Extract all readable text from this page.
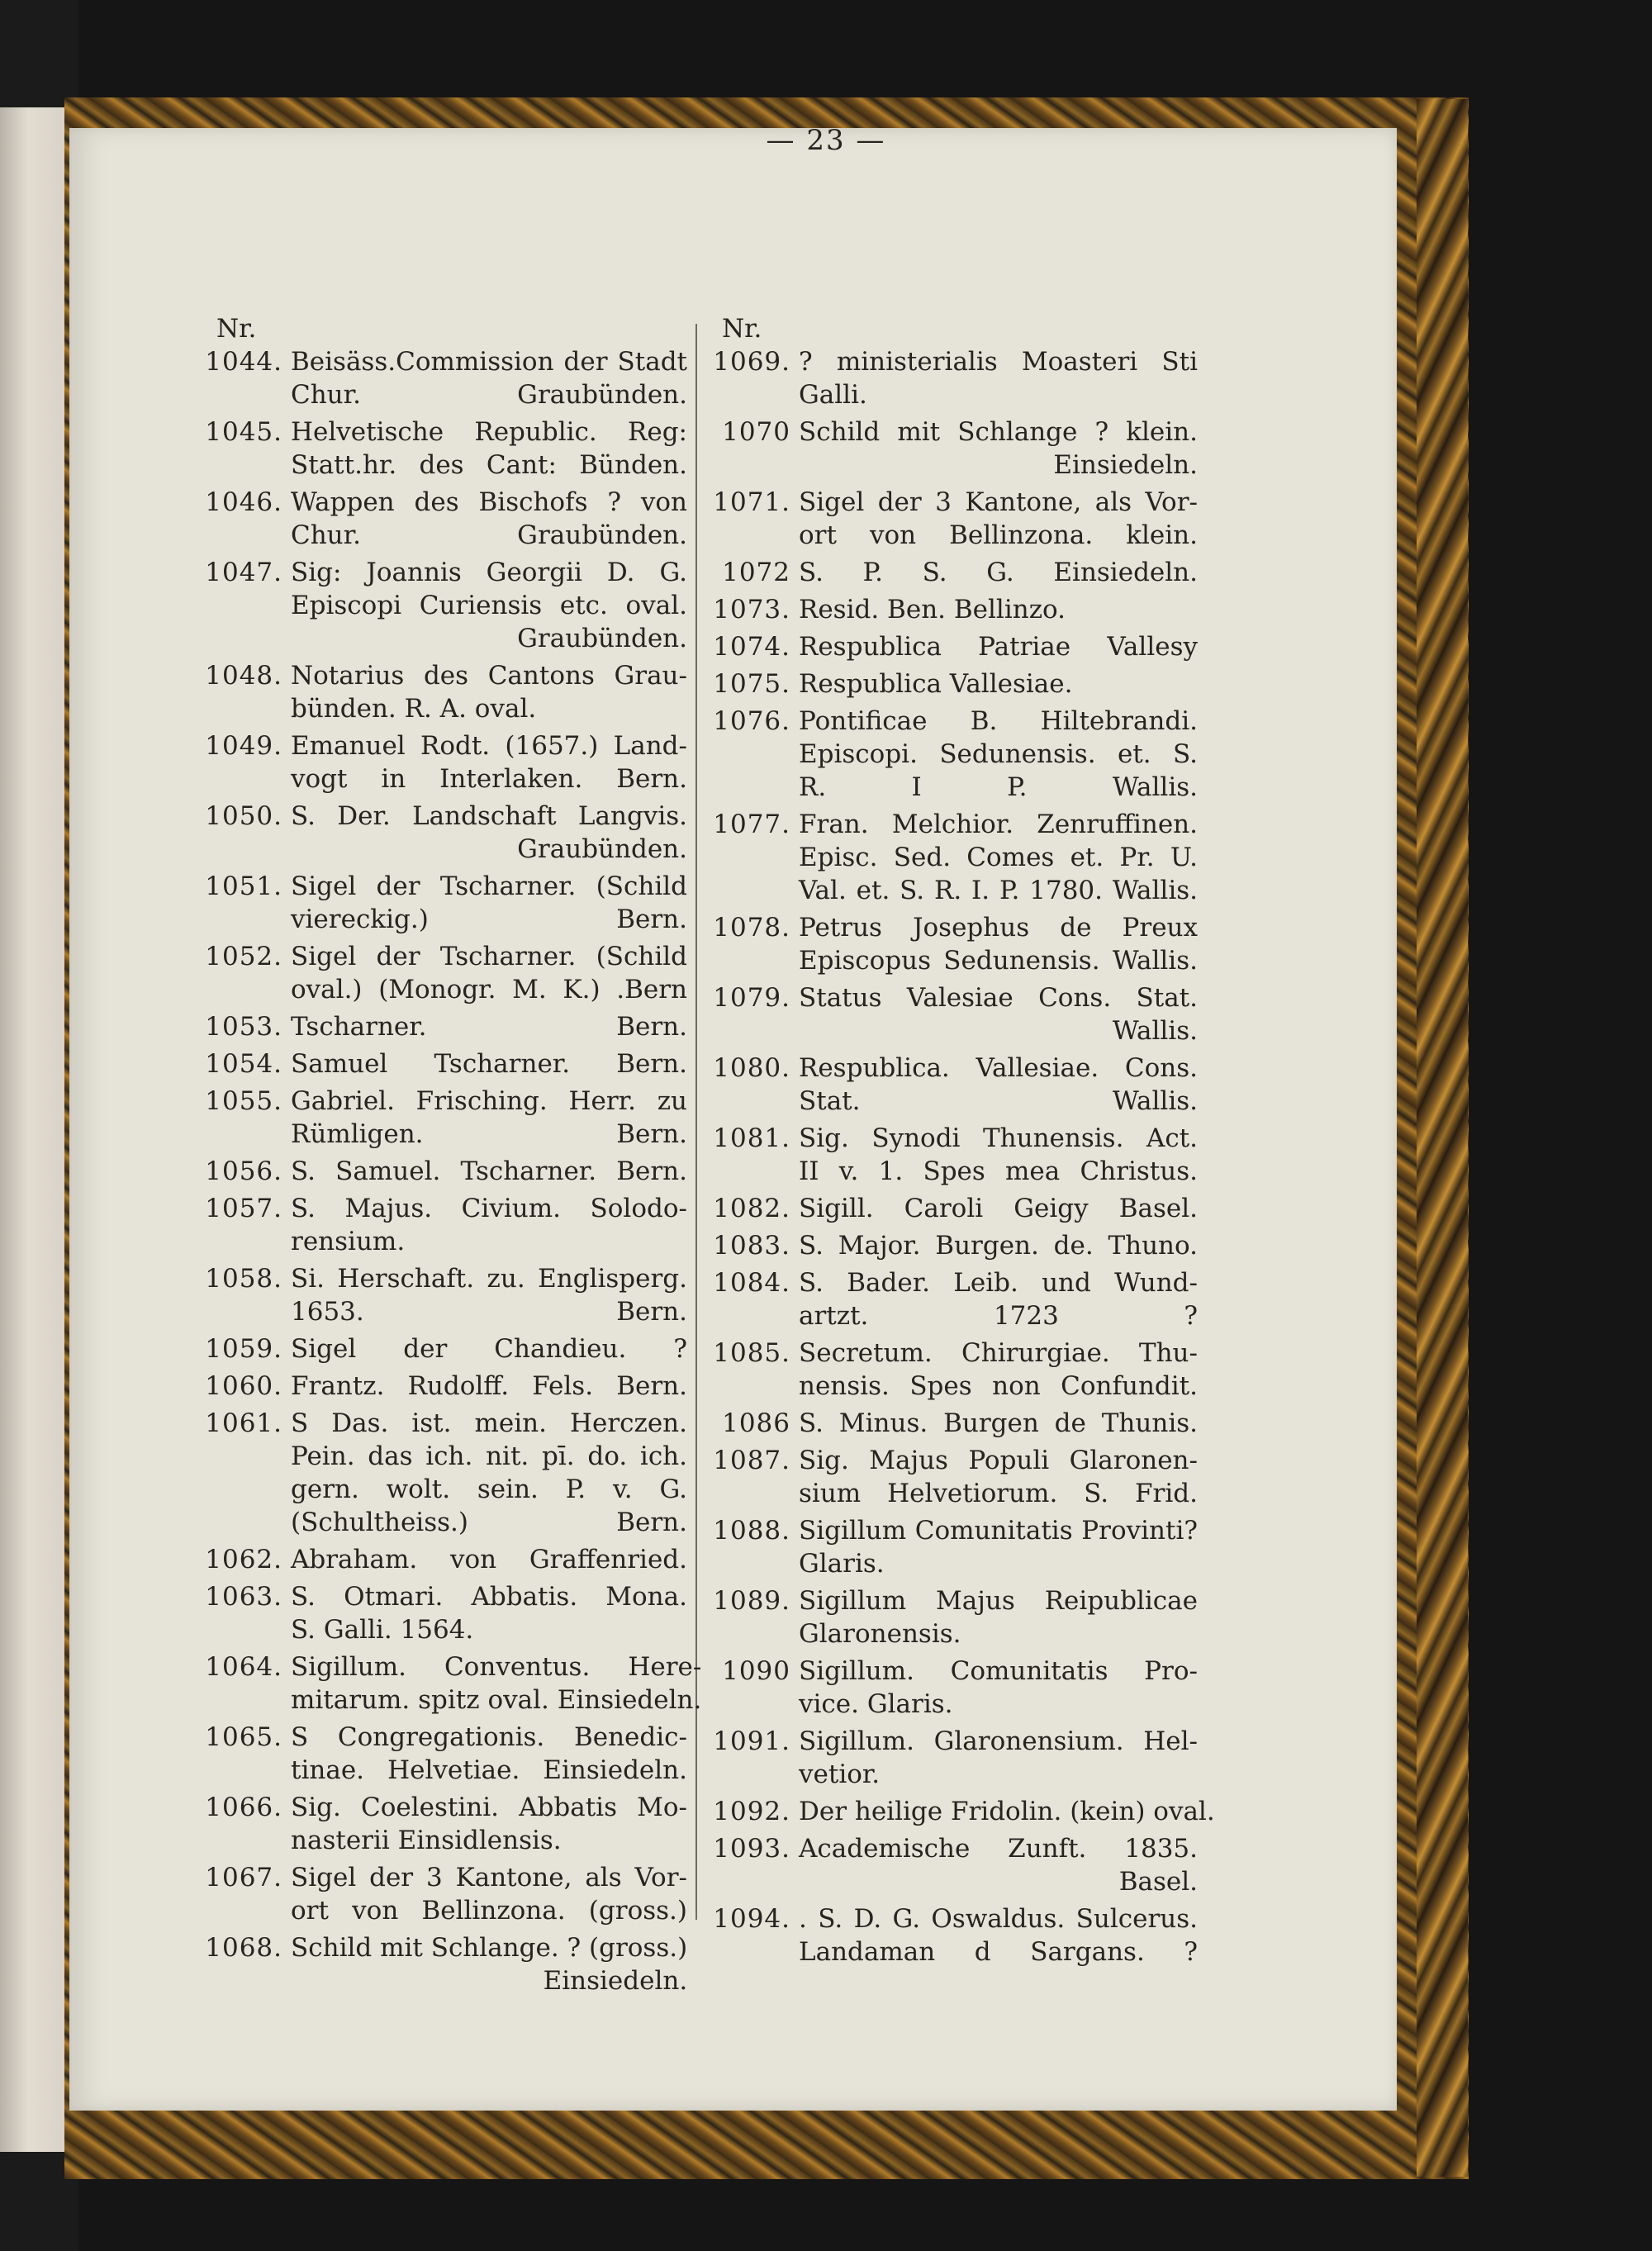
— 23 —
Nr.
1044. Beisäss.Commission der Stadt
Chur. Graubünden.
1045. Helvetische Republic. Reg:
Statt.hr. des Cant: Bünden.
1046. Wappen des Bischofs ? von
Chur. Graubünden.
1047. Sig: Joannis Georgii D. G.
Episcopi Curiensis etc. oval.
Graubünden.
1048. Notarius des Cantons Grau-
bünden. R. A. oval.
1049. Emanuel Rodt. (1657.) Land-
vogt in Interlaken. Bern.
1050. S. Der. Landschaft Langvis.
Graubünden.
1051. Sigel der Tscharner. (Schild
viereckig.) Bern.
1052. Sigel der Tscharner. (Schild
oval.) (Monogr. M. K.) .Bern
1053. Tscharner. Bern.
1054. Samuel Tscharner. Bern.
1055. Gabriel. Frisching. Herr. zu
Rümligen. Bern.
1056. S. Samuel. Tscharner. Bern.
1057. S. Majus. Civium. Solodo-
rensium.
1058. Si. Herschaft. zu. Englisperg.
1653. Bern.
1059. Sigel der Chandieu. ?
1060. Frantz. Rudolff. Fels. Bern.
1061. S Das. ist. mein. Herczen.
Pein. das ich. nit. pī. do. ich.
gern. wolt. sein. P. v. G.
(Schultheiss.) Bern.
1062. Abraham. von Graffenried.
1063. S. Otmari. Abbatis. Mona.
S. Galli. 1564.
1064. Sigillum. Conventus. Here-
mitarum. spitz oval. Einsiedeln.
1065. S Congregationis. Benedic-
tinae. Helvetiae. Einsiedeln.
1066. Sig. Coelestini. Abbatis Mo-
nasterii Einsidlensis.
1067. Sigel der 3 Kantone, als Vor-
ort von Bellinzona. (gross.)
1068. Schild mit Schlange. ? (gross.)
Einsiedeln.
Nr.
1069. ? ministerialis Moasteri Sti
Galli.
1070 Schild mit Schlange ? klein.
Einsiedeln.
1071. Sigel der 3 Kantone, als Vor-
ort von Bellinzona. klein.
1072 S. P. S. G. Einsiedeln.
1073. Resid. Ben. Bellinzo.
1074. Respublica Patriae Vallesy
1075. Respublica Vallesiae.
1076. Pontificae B. Hiltebrandi.
Episcopi. Sedunensis. et. S.
R. I P. Wallis.
1077. Fran. Melchior. Zenruffinen.
Episc. Sed. Comes et. Pr. U.
Val. et. S. R. I. P. 1780. Wallis.
1078. Petrus Josephus de Preux
Episcopus Sedunensis. Wallis.
1079. Status Valesiae Cons. Stat.
Wallis.
1080. Respublica. Vallesiae. Cons.
Stat. Wallis.
1081. Sig. Synodi Thunensis. Act.
II v. 1. Spes mea Christus.
1082. Sigill. Caroli Geigy Basel.
1083. S. Major. Burgen. de. Thuno.
1084. S. Bader. Leib. und Wund-
artzt. 1723 ?
1085. Secretum. Chirurgiae. Thu-
nensis. Spes non Confundit.
1086 S. Minus. Burgen de Thunis.
1087. Sig. Majus Populi Glaronen-
sium Helvetiorum. S. Frid.
1088. Sigillum Comunitatis Provinti?
Glaris.
1089. Sigillum Majus Reipublicae
Glaronensis.
1090 Sigillum. Comunitatis Pro-
vice. Glaris.
1091. Sigillum. Glaronensium. Hel-
vetior.
1092. Der heilige Fridolin. (kein) oval.
1093. Academische Zunft. 1835.
Basel.
1094. . S. D. G. Oswaldus. Sulcerus.
Landaman d Sargans. ?
